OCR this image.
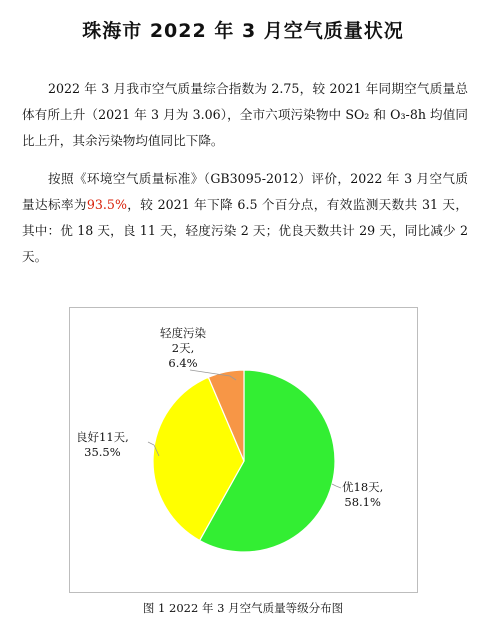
珠海市 2022 年 3 月空气质量状况

2022 年 3 月我市空气质量综合指数为 2.75，较 2021 年同期空气质量总体有所上升（2021 年 3 月为 3.06），全市六项污染物中 SO₂ 和 O₃-8h 均值同比上升，其余污染物均值同比下降。

按照《环境空气质量标准》（GB3095-2012）评价，2022 年 3 月空气质量达标率为93.5%，较 2021 年下降 6.5 个百分点，有效监测天数共 31 天，其中：优 18 天，良 11 天，轻度污染 2 天；优良天数共计 29 天，同比减少 2 天。

轻度污染
2天,
6.4%
良好11天,
35.5%
优18天,
58.1%
图 1 2022 年 3 月空气质量等级分布图
